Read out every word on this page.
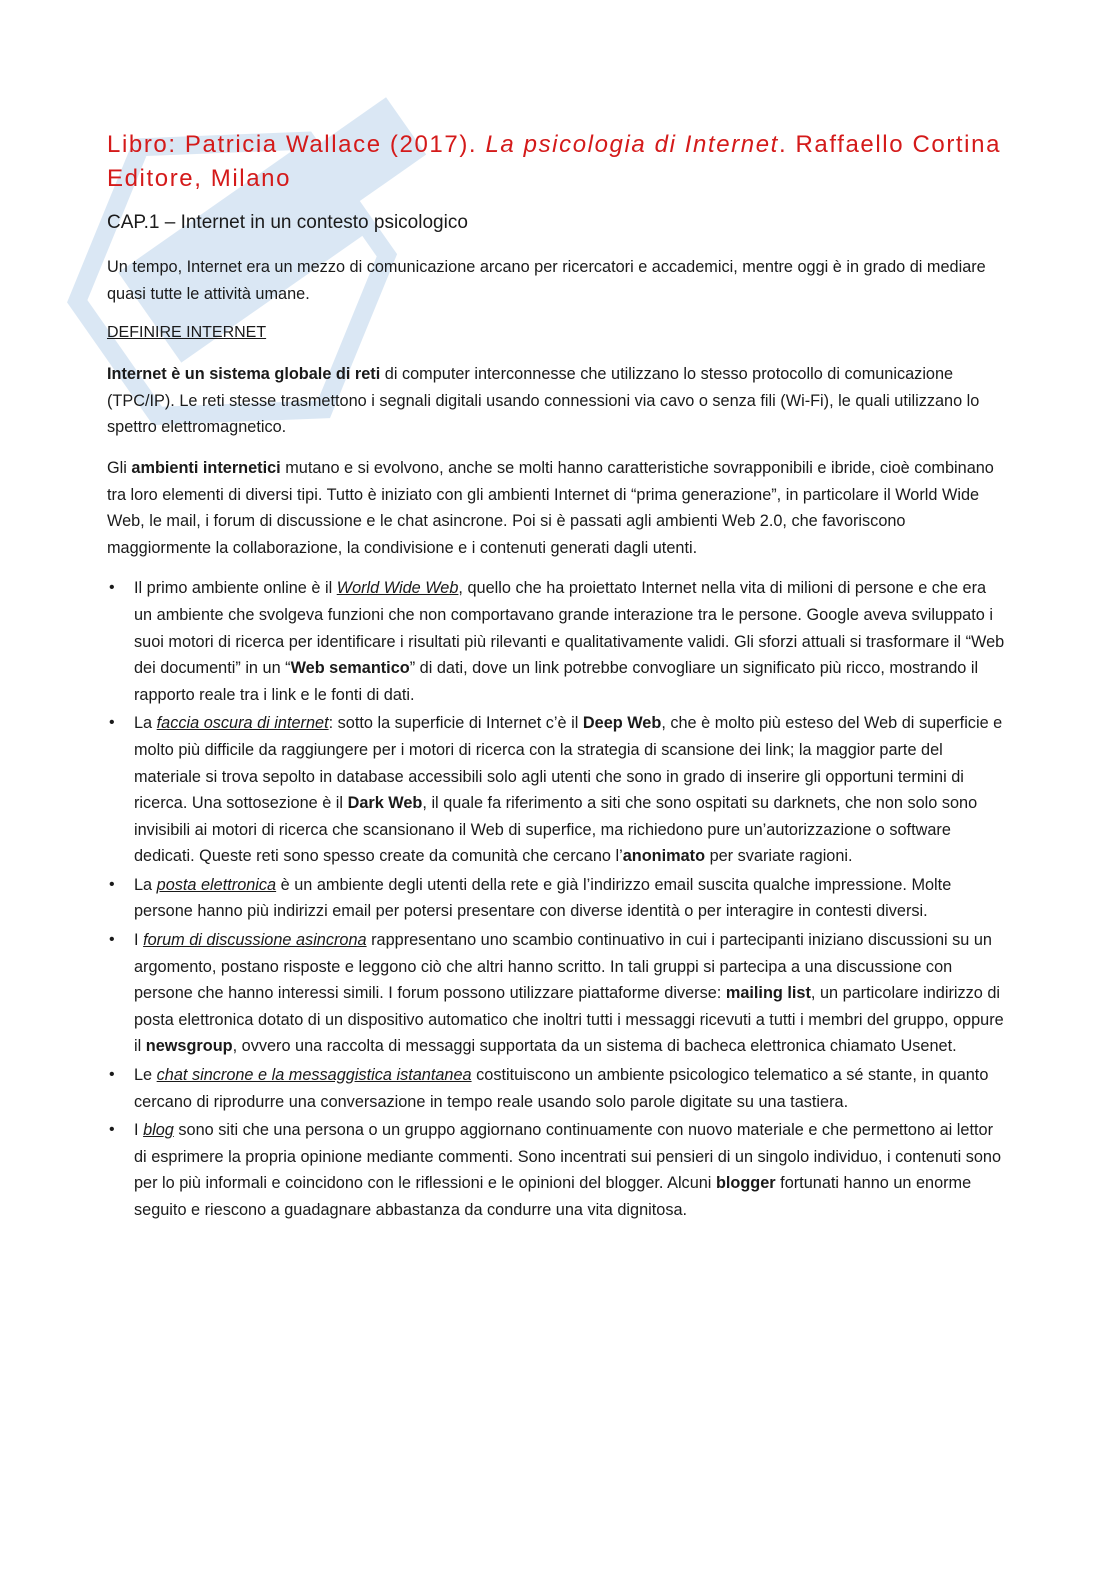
Libro: Patricia Wallace (2017). La psicologia di Internet. Raffaello Cortina Editore, Milano
CAP.1 – Internet in un contesto psicologico

Un tempo, Internet era un mezzo di comunicazione arcano per ricercatori e accademici, mentre oggi è in grado di mediare quasi tutte le attività umane.

DEFINIRE INTERNET

Internet è un sistema globale di reti di computer interconnesse che utilizzano lo stesso protocollo di comunicazione (TPC/IP). Le reti stesse trasmettono i segnali digitali usando connessioni via cavo o senza fili (Wi-Fi), le quali utilizzano lo spettro elettromagnetico.

Gli ambienti internetici mutano e si evolvono, anche se molti hanno caratteristiche sovrapponibili e ibride, cioè combinano tra loro elementi di diversi tipi. Tutto è iniziato con gli ambienti Internet di “prima generazione”, in particolare il World Wide Web, le mail, i forum di discussione e le chat asincrone. Poi si è passati agli ambienti Web 2.0, che favoriscono maggiormente la collaborazione, la condivisione e i contenuti generati dagli utenti.

• Il primo ambiente online è il World Wide Web, quello che ha proiettato Internet nella vita di milioni di persone e che era un ambiente che svolgeva funzioni che non comportavano grande interazione tra le persone. Google aveva sviluppato i suoi motori di ricerca per identificare i risultati più rilevanti e qualitativamente validi. Gli sforzi attuali si trasformare il “Web dei documenti” in un “Web semantico” di dati, dove un link potrebbe convogliare un significato più ricco, mostrando il rapporto reale tra i link e le fonti di dati.
• La faccia oscura di internet: sotto la superficie di Internet c’è il Deep Web, che è molto più esteso del Web di superficie e molto più difficile da raggiungere per i motori di ricerca con la strategia di scansione dei link; la maggior parte del materiale si trova sepolto in database accessibili solo agli utenti che sono in grado di inserire gli opportuni termini di ricerca. Una sottosezione è il Dark Web, il quale fa riferimento a siti che sono ospitati su darknets, che non solo sono invisibili ai motori di ricerca che scansionano il Web di superfice, ma richiedono pure un’autorizzazione o software dedicati. Queste reti sono spesso create da comunità che cercano l’anonimato per svariate ragioni.
• La posta elettronica è un ambiente degli utenti della rete e già l’indirizzo email suscita qualche impressione. Molte persone hanno più indirizzi email per potersi presentare con diverse identità o per interagire in contesti diversi.
• I forum di discussione asincrona rappresentano uno scambio continuativo in cui i partecipanti iniziano discussioni su un argomento, postano risposte e leggono ciò che altri hanno scritto. In tali gruppi si partecipa a una discussione con persone che hanno interessi simili. I forum possono utilizzare piattaforme diverse: mailing list, un particolare indirizzo di posta elettronica dotato di un dispositivo automatico che inoltri tutti i messaggi ricevuti a tutti i membri del gruppo, oppure il newsgroup, ovvero una raccolta di messaggi supportata da un sistema di bacheca elettronica chiamato Usenet.
• Le chat sincrone e la messaggistica istantanea costituiscono un ambiente psicologico telematico a sé stante, in quanto cercano di riprodurre una conversazione in tempo reale usando solo parole digitate su una tastiera.
• I blog sono siti che una persona o un gruppo aggiornano continuamente con nuovo materiale e che permettono ai lettor di esprimere la propria opinione mediante commenti. Sono incentrati sui pensieri di un singolo individuo, i contenuti sono per lo più informali e coincidono con le riflessioni e le opinioni del blogger. Alcuni blogger fortunati hanno un enorme seguito e riescono a guadagnare abbastanza da condurre una vita dignitosa.
